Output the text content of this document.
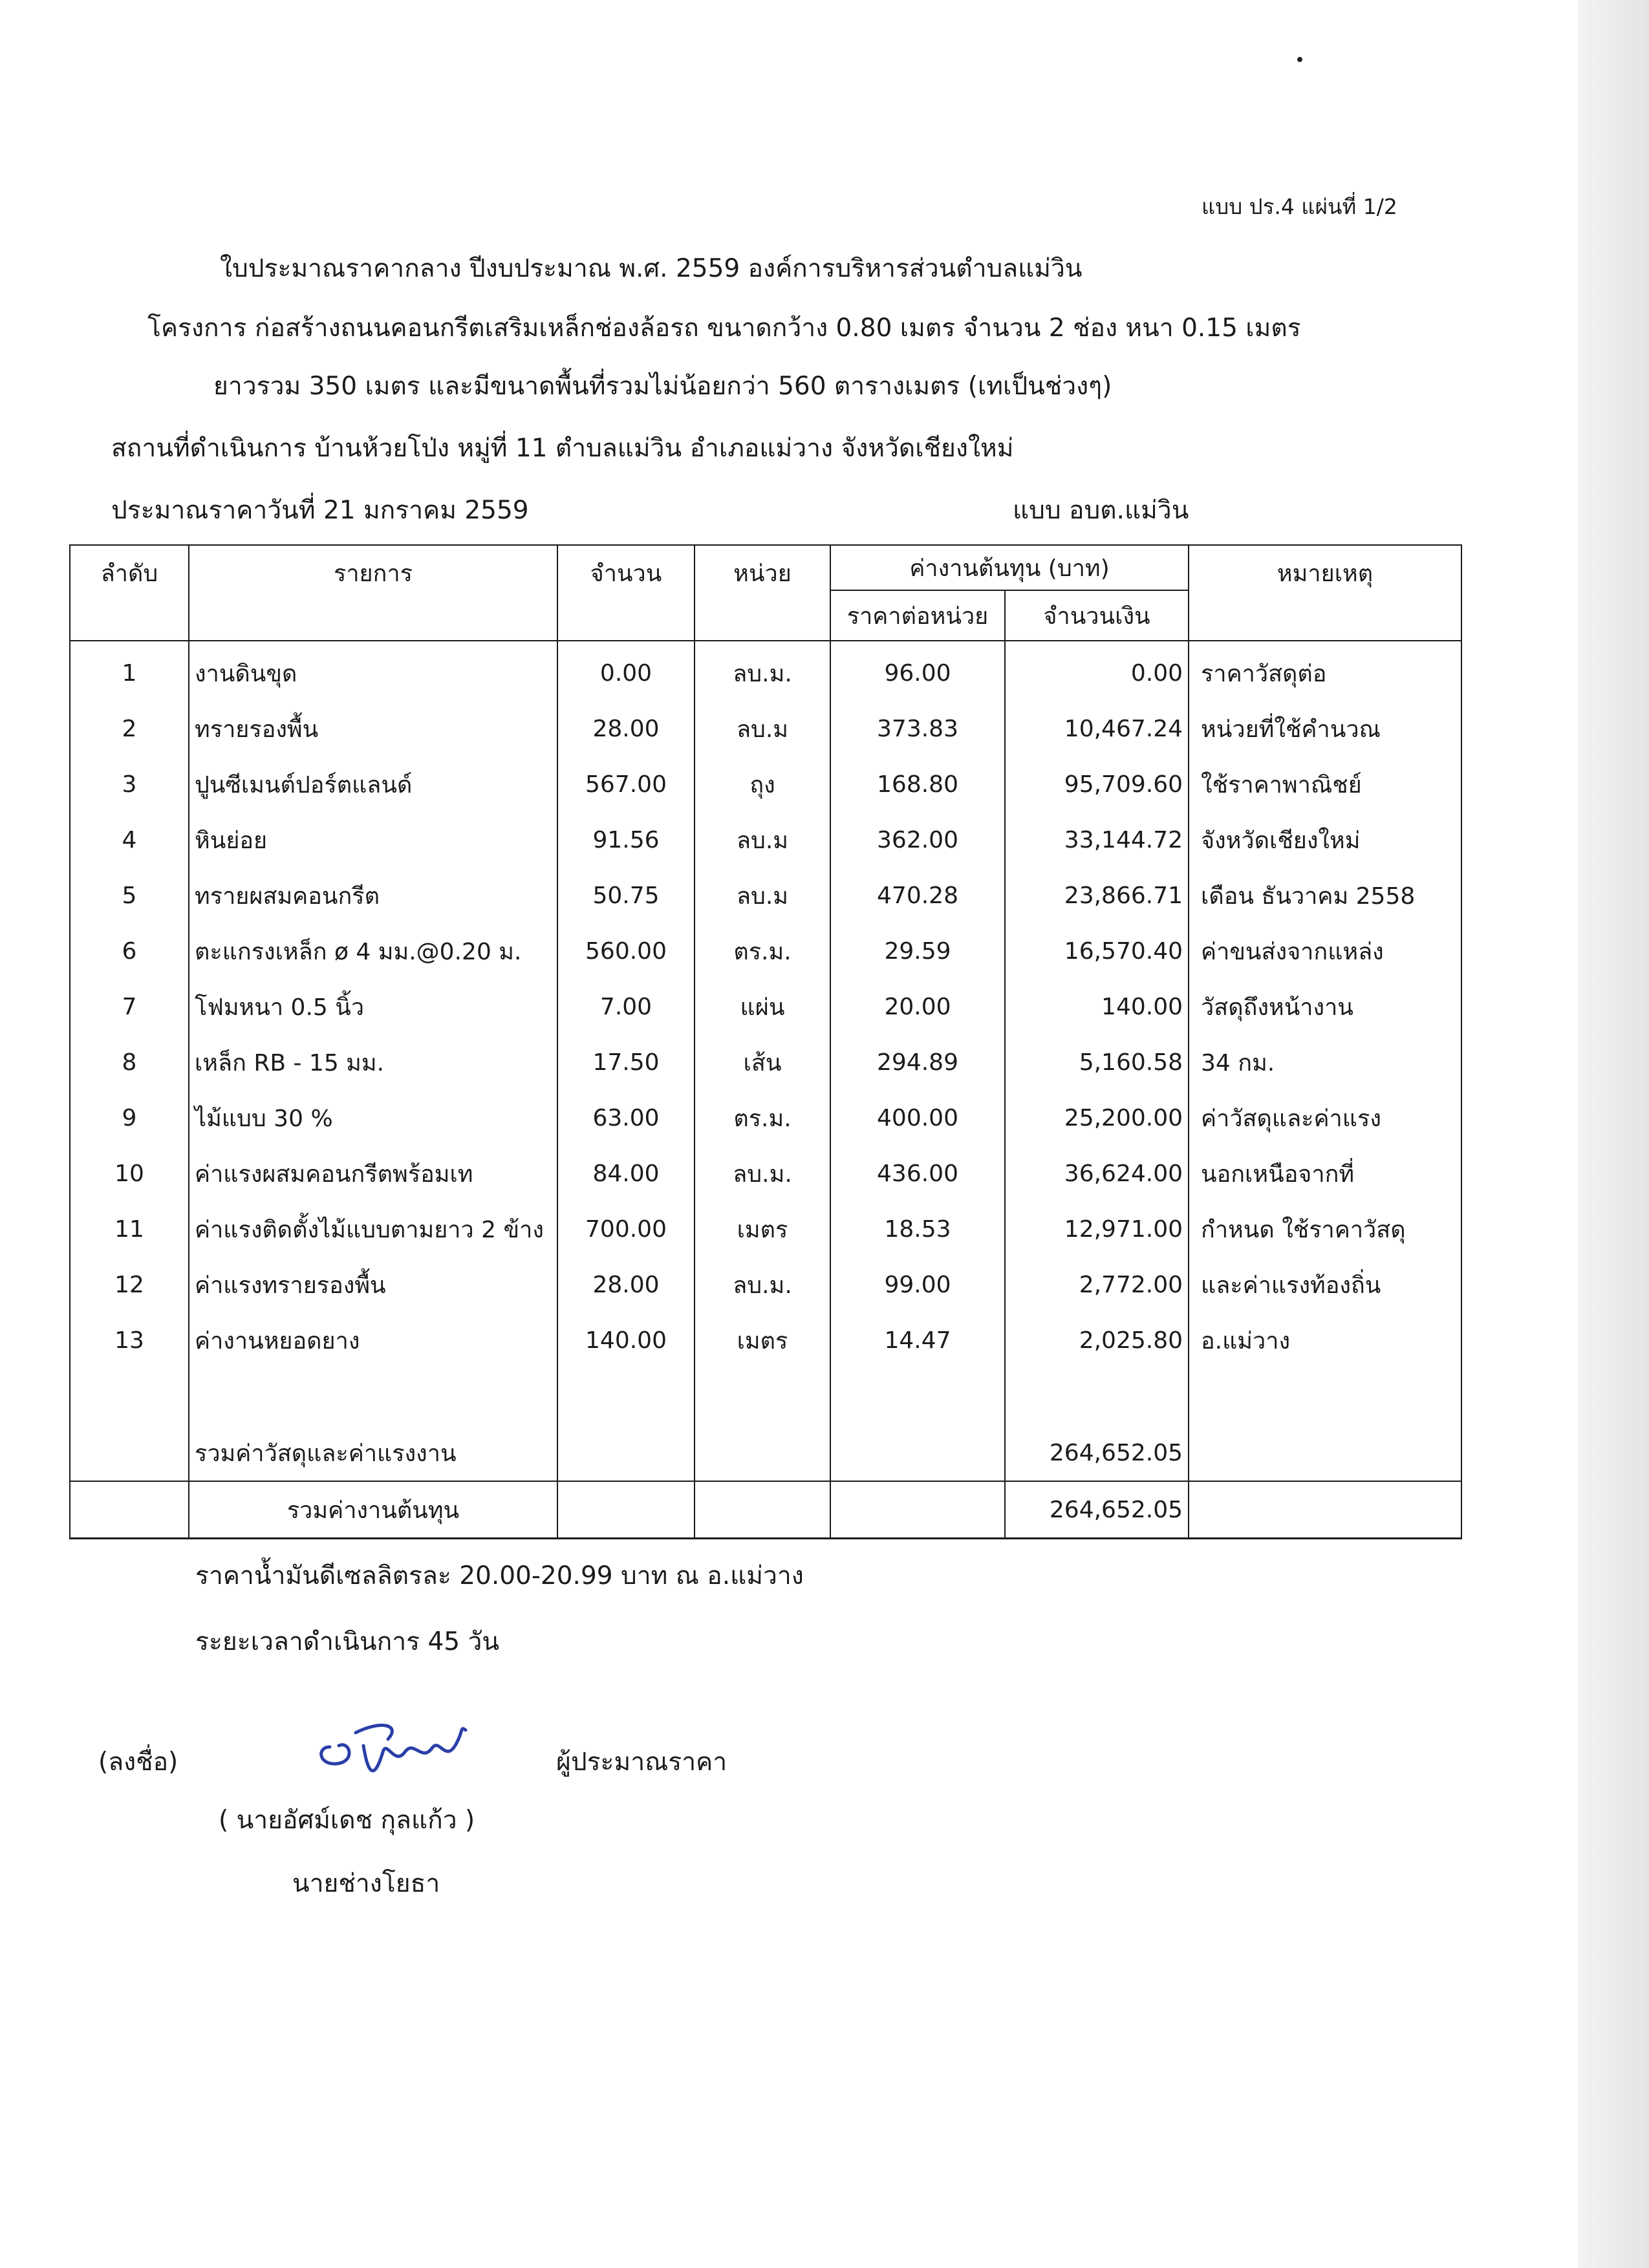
แบบ ปร.4 แผ่นที่ 1/2
ใบประมาณราคากลาง ปีงบประมาณ พ.ศ. 2559 องค์การบริหารส่วนตำบลแม่วิน
โครงการ ก่อสร้างถนนคอนกรีตเสริมเหล็กช่องล้อรถ ขนาดกว้าง 0.80 เมตร จำนวน 2 ช่อง หนา 0.15 เมตร
ยาวรวม 350 เมตร และมีขนาดพื้นที่รวมไม่น้อยกว่า 560 ตารางเมตร (เทเป็นช่วงๆ)
สถานที่ดำเนินการ บ้านห้วยโป่ง หมู่ที่ 11 ตำบลแม่วิน อำเภอแม่วาง จังหวัดเชียงใหม่
ประมาณราคาวันที่ 21 มกราคม 2559	แบบ อบต.แม่วิน
ลำดับ	รายการ	จำนวน	หน่วย	ค่างานต้นทุน (บาท)		หมายเหตุ
				ราคาต่อหน่วย	จำนวนเงิน	
1	งานดินขุด	0.00	ลบ.ม.	96.00	0.00	ราคาวัสดุต่อ
2	ทรายรองพื้น	28.00	ลบ.ม	373.83	10,467.24	หน่วยที่ใช้คำนวณ
3	ปูนซีเมนต์ปอร์ตแลนด์	567.00	ถุง	168.80	95,709.60	ใช้ราคาพาณิชย์
4	หินย่อย	91.56	ลบ.ม	362.00	33,144.72	จังหวัดเชียงใหม่
5	ทรายผสมคอนกรีต	50.75	ลบ.ม	470.28	23,866.71	เดือน ธันวาคม 2558
6	ตะแกรงเหล็ก ø 4 มม.@0.20 ม.	560.00	ตร.ม.	29.59	16,570.40	ค่าขนส่งจากแหล่ง
7	โฟมหนา 0.5 นิ้ว	7.00	แผ่น	20.00	140.00	วัสดุถึงหน้างาน
8	เหล็ก RB - 15 มม.	17.50	เส้น	294.89	5,160.58	34 กม.
9	ไม้แบบ 30 %	63.00	ตร.ม.	400.00	25,200.00	ค่าวัสดุและค่าแรง
10	ค่าแรงผสมคอนกรีตพร้อมเท	84.00	ลบ.ม.	436.00	36,624.00	นอกเหนือจากที่
11	ค่าแรงติดตั้งไม้แบบตามยาว 2 ข้าง	700.00	เมตร	18.53	12,971.00	กำหนด ใช้ราคาวัสดุ
12	ค่าแรงทรายรองพื้น	28.00	ลบ.ม.	99.00	2,772.00	และค่าแรงท้องถิ่น
13	ค่างานหยอดยาง	140.00	เมตร	14.47	2,025.80	อ.แม่วาง

	รวมค่าวัสดุและค่าแรงงาน				264,652.05	
	รวมค่างานต้นทุน				264,652.05	
ราคาน้ำมันดีเซลลิตรละ 20.00-20.99 บาท ณ อ.แม่วาง
ระยะเวลาดำเนินการ 45 วัน
(ลงชื่อ)	ผู้ประมาณราคา
( นายอัศม์เดช กุลแก้ว )
นายช่างโยธา
